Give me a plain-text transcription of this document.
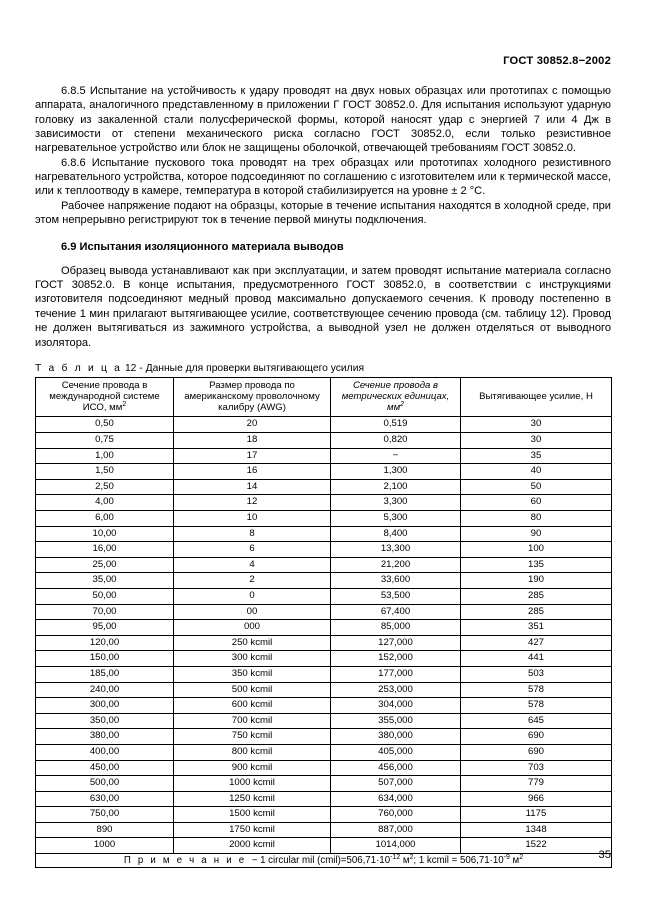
ГОСТ 30852.8−2002

6.8.5 Испытание на устойчивость к удару проводят на двух новых образцах или прототипах с помощью аппарата, аналогичного представленному в приложении Г ГОСТ 30852.0. Для испытания используют ударную головку из закаленной стали полусферической формы, которой наносят удар с энергией 7 или 4 Дж в зависимости от степени механического риска согласно ГОСТ 30852.0, если только резистивное нагревательное устройство или блок не защищены оболочкой, отвечающей требованиям ГОСТ 30852.0.

6.8.6 Испытание пускового тока проводят на трех образцах или прототипах холодного резистивного нагревательного устройства, которое подсоединяют по соглашению с изготовителем или к термической массе, или к теплоотводу в камере, температура в которой стабилизируется на уровне ± 2 °С.

Рабочее напряжение подают на образцы, которые в течение испытания находятся в холодной среде, при этом непрерывно регистрируют ток в течение первой минуты подключения.

6.9 Испытания изоляционного материала выводов

Образец вывода устанавливают как при эксплуатации, и затем проводят испытание материала согласно ГОСТ 30852.0. В конце испытания, предусмотренного ГОСТ 30852.0, в соответствии с инструкциями изготовителя подсоединяют медный провод максимально допускаемого сечения. К проводу постепенно в течение 1 мин прилагают вытягивающее усилие, соответствующее сечению провода (см. таблицу 12). Провод не должен вытягиваться из зажимного устройства, а выводной узел не должен отделяться от выводного изолятора.

Т а б л и ц а 12 - Данные для проверки вытягивающего усилия
Сечение провода в международной системе ИСО, $мм^2$	Размер провода по американскому проволочному калибру (AWG)	Сечение провода в метрических единицах, $мм^2$	Вытягивающее усилие, Н
0,50	20	0,519	30
0,75	18	0,820	30
1,00	17	−	35
1,50	16	1,300	40
2,50	14	2,100	50
4,00	12	3,300	60
6,00	10	5,300	80
10,00	8	8,400	90
16,00	6	13,300	100
25,00	4	21,200	135
35,00	2	33,600	190
50,00	0	53,500	285
70,00	00	67,400	285
95,00	000	85,000	351
120,00	250 kcmil	127,000	427
150,00	300 kcmil	152,000	441
185,00	350 kcmil	177,000	503
240,00	500 kcmil	253,000	578
300,00	600 kcmil	304,000	578
350,00	700 kcmil	355,000	645
380,00	750 kcmil	380,000	690
400,00	800 kcmil	405,000	690
450,00	900 kcmil	456,000	703
500,00	1000 kcmil	507,000	779
630,00	1250 kcmil	634,000	966
750,00	1500 kcmil	760,000	1175
890	1750 kcmil	887,000	1348
1000	2000 kcmil	1014,000	1522
П р и м е ч а н и е − 1 circular mil $(cmil)=506,71\cdot 10^{-12}$ $м^2$; 1 kcmil = $506,71\cdot 10^{-9}$ $м^2$	35
